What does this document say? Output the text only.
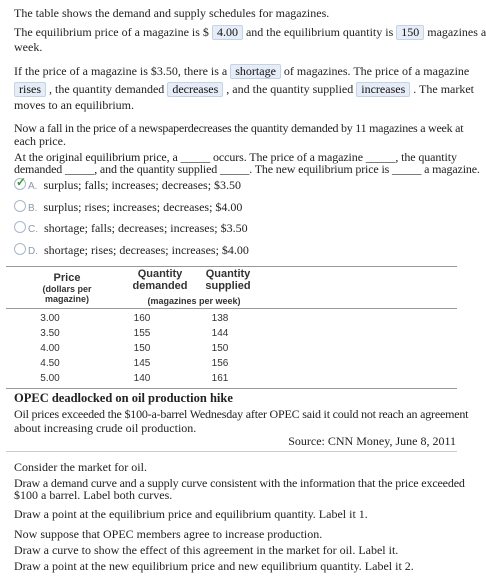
The table shows the demand and supply schedules for magazines.
The equilibrium price of a magazine is $ 4.00 and the equilibrium quantity is 150 magazines a
week.
If the price of a magazine is $3.50, there is a shortage of magazines. The price of a magazine
rises , the quantity demanded decreases , and the quantity supplied increases . The market
moves to an equilibrium.
Now a fall in the price of a newspaperdecreases the quantity demanded by 11 magazines a week at
each price.
At the original equilibrium price, a _____ occurs. The price of a magazine _____, the quantity
demanded _____, and the quantity supplied _____. The new equilibrium price is _____ a magazine.
✓ A. surplus; falls; increases; decreases; $3.50
B. surplus; rises; increases; decreases; $4.00
C. shortage; falls; decreases; increases; $3.50
D. shortage; rises; decreases; increases; $4.00
Price
(dollars per
magazine)
Quantity
demanded
Quantity
supplied
(magazines per week)
3.00	160	138
3.50	155	144
4.00	150	150
4.50	145	156
5.00	140	161
OPEC deadlocked on oil production hike
Oil prices exceeded the $100-a-barrel Wednesday after OPEC said it could not reach an agreement
about increasing crude oil production.
Source: CNN Money, June 8, 2011
Consider the market for oil.
Draw a demand curve and a supply curve consistent with the information that the price exceeded
$100 a barrel. Label both curves.
Draw a point at the equilibrium price and equilibrium quantity. Label it 1.
Now suppose that OPEC members agree to increase production.
Draw a curve to show the effect of this agreement in the market for oil. Label it.
Draw a point at the new equilibrium price and new equilibrium quantity. Label it 2.
